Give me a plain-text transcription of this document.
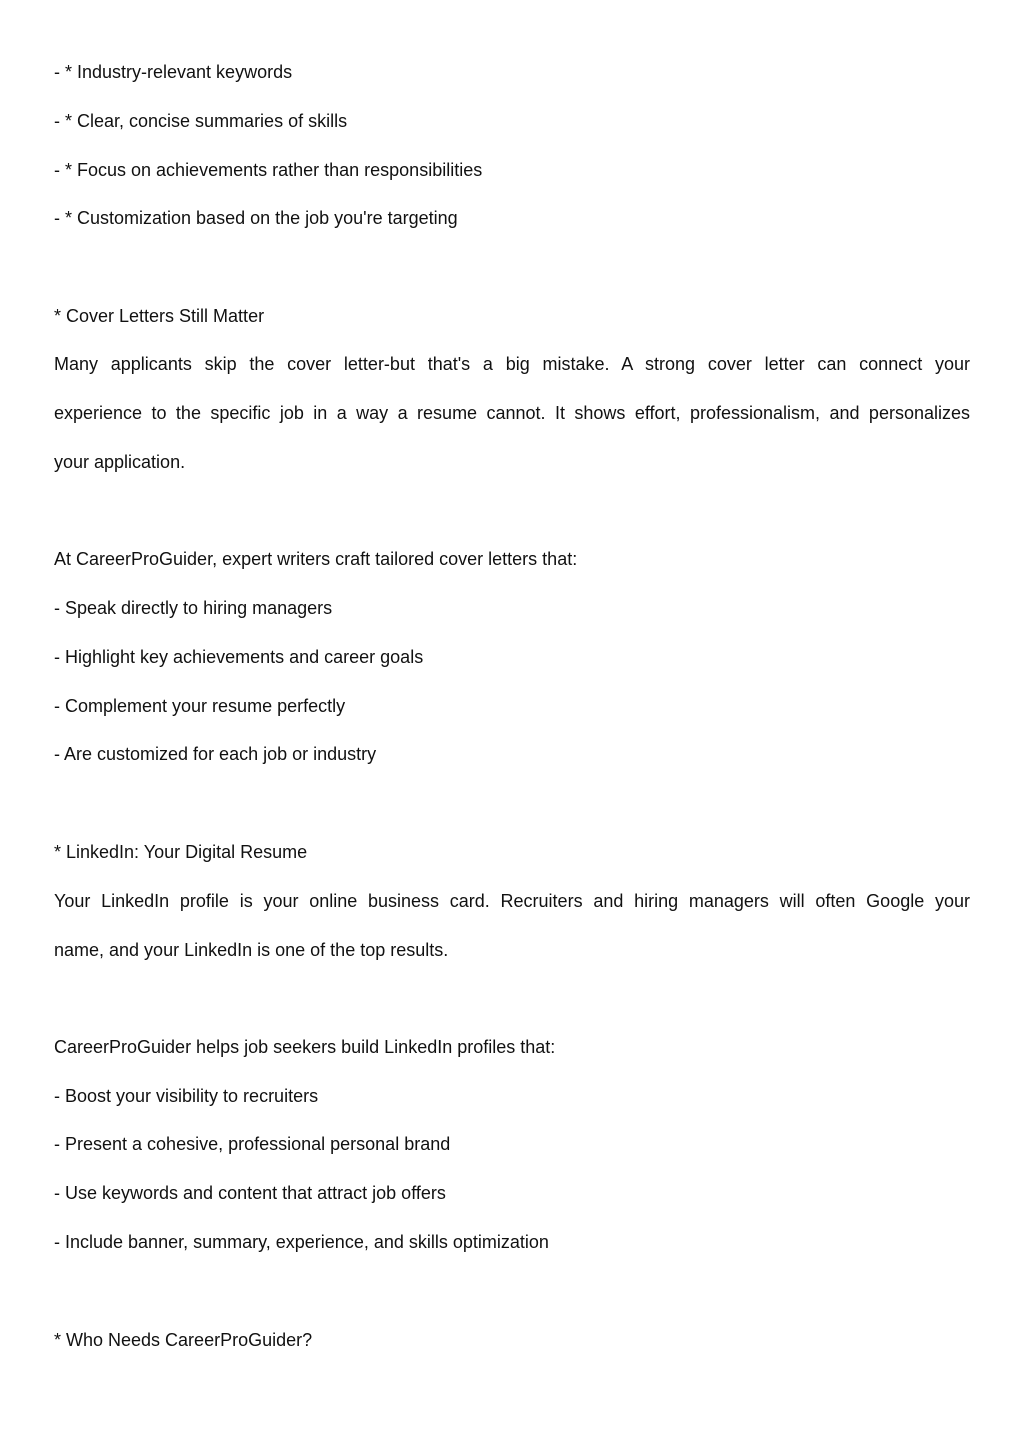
- * Industry-relevant keywords

- * Clear, concise summaries of skills

- * Focus on achievements rather than responsibilities

- * Customization based on the job you're targeting

* Cover Letters Still Matter

Many applicants skip the cover letter-but that's a big mistake. A strong cover letter can connect your

experience to the specific job in a way a resume cannot. It shows effort, professionalism, and personalizes

your application.

At CareerProGuider, expert writers craft tailored cover letters that:

- Speak directly to hiring managers

- Highlight key achievements and career goals

- Complement your resume perfectly

- Are customized for each job or industry

* LinkedIn: Your Digital Resume

Your LinkedIn profile is your online business card. Recruiters and hiring managers will often Google your

name, and your LinkedIn is one of the top results.

CareerProGuider helps job seekers build LinkedIn profiles that:

- Boost your visibility to recruiters

- Present a cohesive, professional personal brand

- Use keywords and content that attract job offers

- Include banner, summary, experience, and skills optimization

* Who Needs CareerProGuider?
